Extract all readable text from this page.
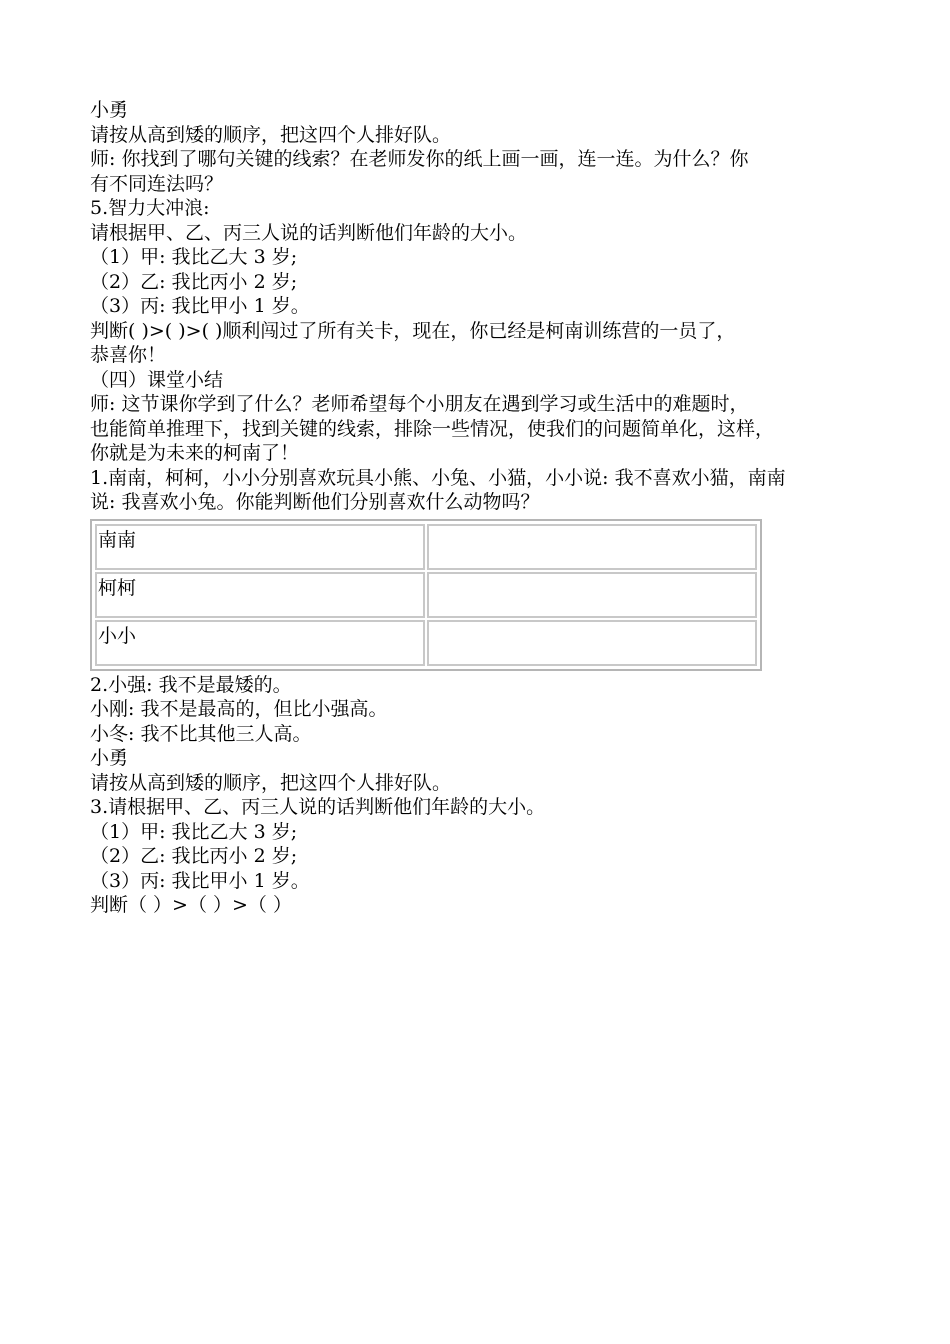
小勇
请按从高到矮的顺序，把这四个人排好队。
师: 你找到了哪句关键的线索？在老师发你的纸上画一画，连一连。为什么？你
有不同连法吗？
5.智力大冲浪:
请根据甲、乙、丙三人说的话判断他们年龄的大小。
（1）甲: 我比乙大 3 岁;
（2）乙: 我比丙小 2 岁;
（3）丙: 我比甲小 1 岁。
判断( )>( )>( )顺利闯过了所有关卡，现在，你已经是柯南训练营的一员了，
恭喜你！
（四）课堂小结
师: 这节课你学到了什么？老师希望每个小朋友在遇到学习或生活中的难题时，
也能简单推理下，找到关键的线索，排除一些情况，使我们的问题简单化，这样，
你就是为未来的柯南了！
1.南南，柯柯，小小分别喜欢玩具小熊、小兔、小猫，小小说: 我不喜欢小猫，南南
说: 我喜欢小兔。你能判断他们分别喜欢什么动物吗？
南南	
柯柯	
小小	
2.小强: 我不是最矮的。
小刚: 我不是最高的，但比小强高。
小冬: 我不比其他三人高。
小勇
请按从高到矮的顺序，把这四个人排好队。
3.请根据甲、乙、丙三人说的话判断他们年龄的大小。
（1）甲: 我比乙大 3 岁;
（2）乙: 我比丙小 2 岁;
（3）丙: 我比甲小 1 岁。
判断（ ）>（ ）>（ ）
